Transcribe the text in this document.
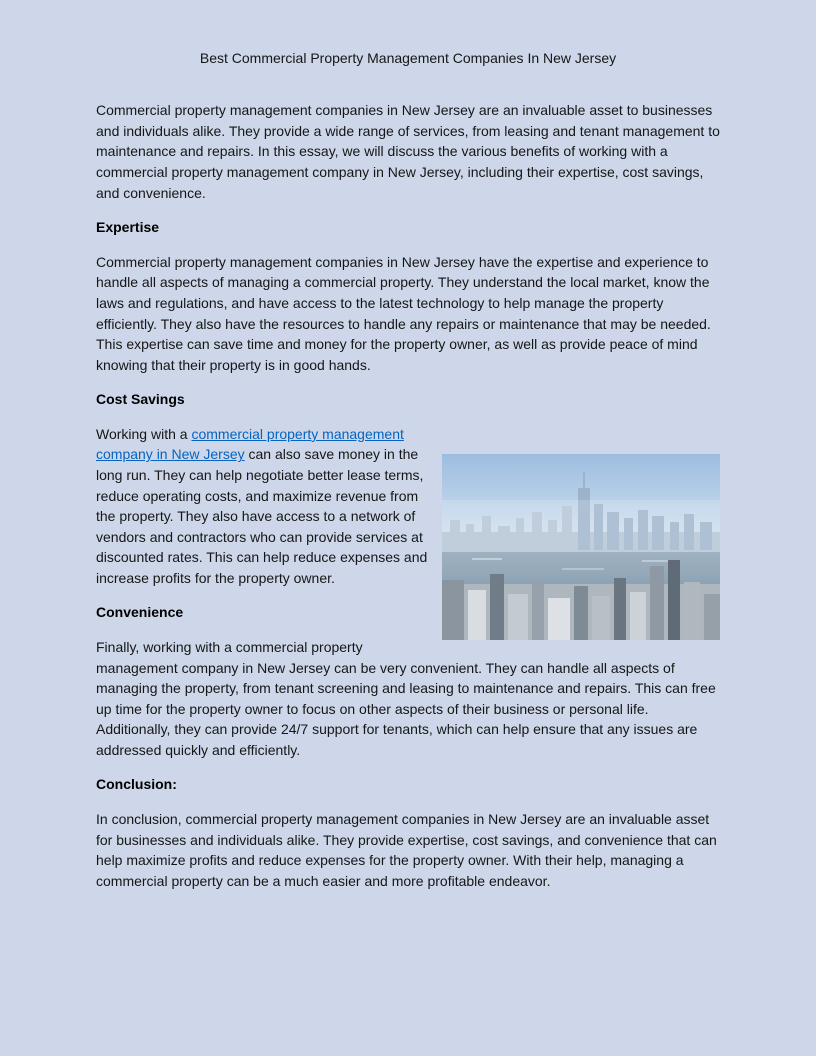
Best Commercial Property Management Companies In New Jersey

Commercial property management companies in New Jersey are an invaluable asset to businesses and individuals alike. They provide a wide range of services, from leasing and tenant management to maintenance and repairs. In this essay, we will discuss the various benefits of working with a commercial property management company in New Jersey, including their expertise, cost savings, and convenience.

Expertise

Commercial property management companies in New Jersey have the expertise and experience to handle all aspects of managing a commercial property. They understand the local market, know the laws and regulations, and have access to the latest technology to help manage the property efficiently. They also have the resources to handle any repairs or maintenance that may be needed. This expertise can save time and money for the property owner, as well as provide peace of mind knowing that their property is in good hands.

Cost Savings

Working with a commercial property management company in New Jersey can also save money in the long run. They can help negotiate better lease terms, reduce operating costs, and maximize revenue from the property. They also have access to a network of vendors and contractors who can provide services at discounted rates. This can help reduce expenses and increase profits for the property owner.

Convenience

Finally, working with a commercial property management company in New Jersey can be very convenient. They can handle all aspects of managing the property, from tenant screening and leasing to maintenance and repairs. This can free up time for the property owner to focus on other aspects of their business or personal life. Additionally, they can provide 24/7 support for tenants, which can help ensure that any issues are addressed quickly and efficiently.

Conclusion:

In conclusion, commercial property management companies in New Jersey are an invaluable asset for businesses and individuals alike. They provide expertise, cost savings, and convenience that can help maximize profits and reduce expenses for the property owner. With their help, managing a commercial property can be a much easier and more profitable endeavor.
